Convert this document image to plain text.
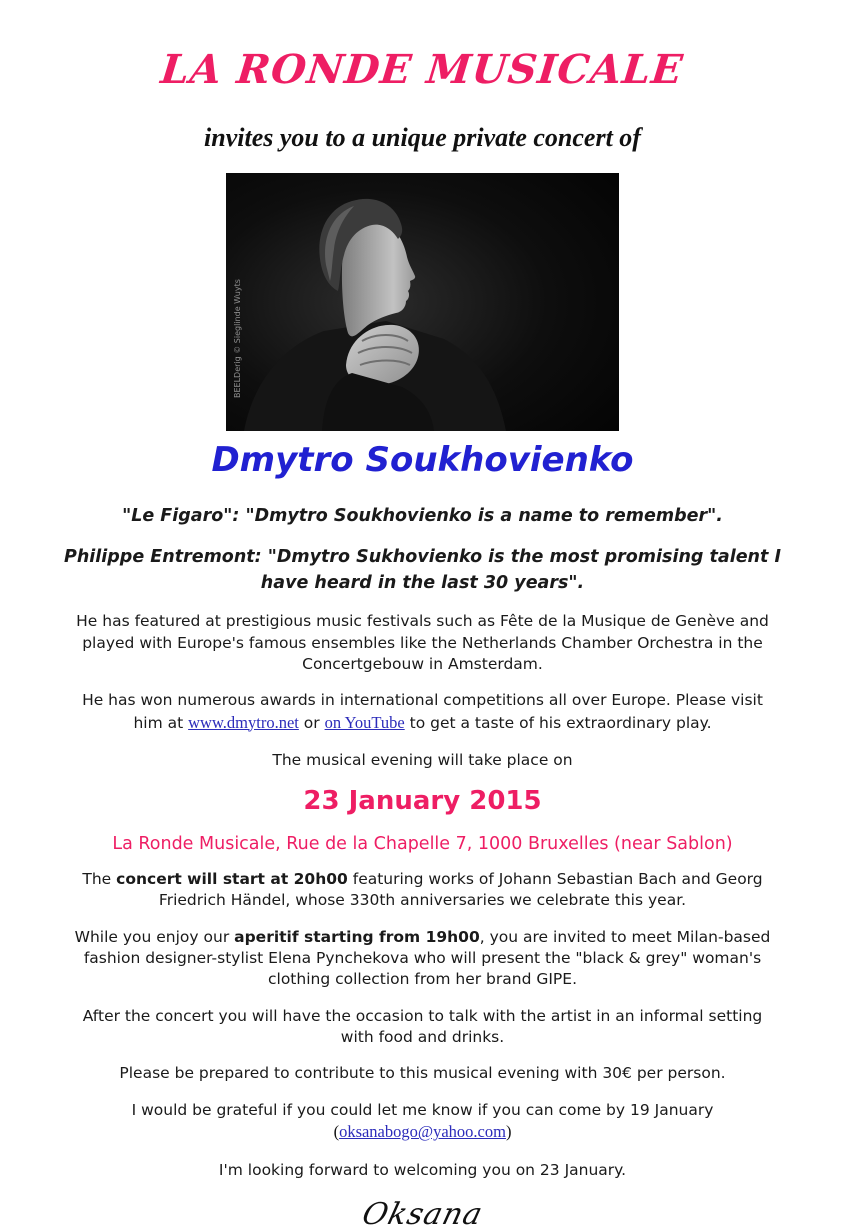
LA RONDE MUSICALE
invites you to a unique private concert of
BEELDerig © Sieglinde Wuyts
Dmytro Soukhovienko
"Le Figaro": "Dmytro Soukhovienko is a name to remember".
Philippe Entremont: "Dmytro Sukhovienko is the most promising talent I have heard in the last 30 years".
He has featured at prestigious music festivals such as Fête de la Musique de Genève and played with Europe's famous ensembles like the Netherlands Chamber Orchestra in the Concertgebouw in Amsterdam.
He has won numerous awards in international competitions all over Europe. Please visit him at www.dmytro.net or on YouTube to get a taste of his extraordinary play.
The musical evening will take place on
23 January 2015
La Ronde Musicale, Rue de la Chapelle 7, 1000 Bruxelles (near Sablon)
The concert will start at 20h00 featuring works of Johann Sebastian Bach and Georg Friedrich Händel, whose 330th anniversaries we celebrate this year.
While you enjoy our aperitif starting from 19h00, you are invited to meet Milan-based fashion designer-stylist Elena Pynchekova who will present the "black & grey" woman's clothing collection from her brand GIPE.
After the concert you will have the occasion to talk with the artist in an informal setting with food and drinks.
Please be prepared to contribute to this musical evening with 30€ per person.
I would be grateful if you could let me know if you can come by 19 January
(oksanabogo@yahoo.com)
I'm looking forward to welcoming you on 23 January.
Oksana
